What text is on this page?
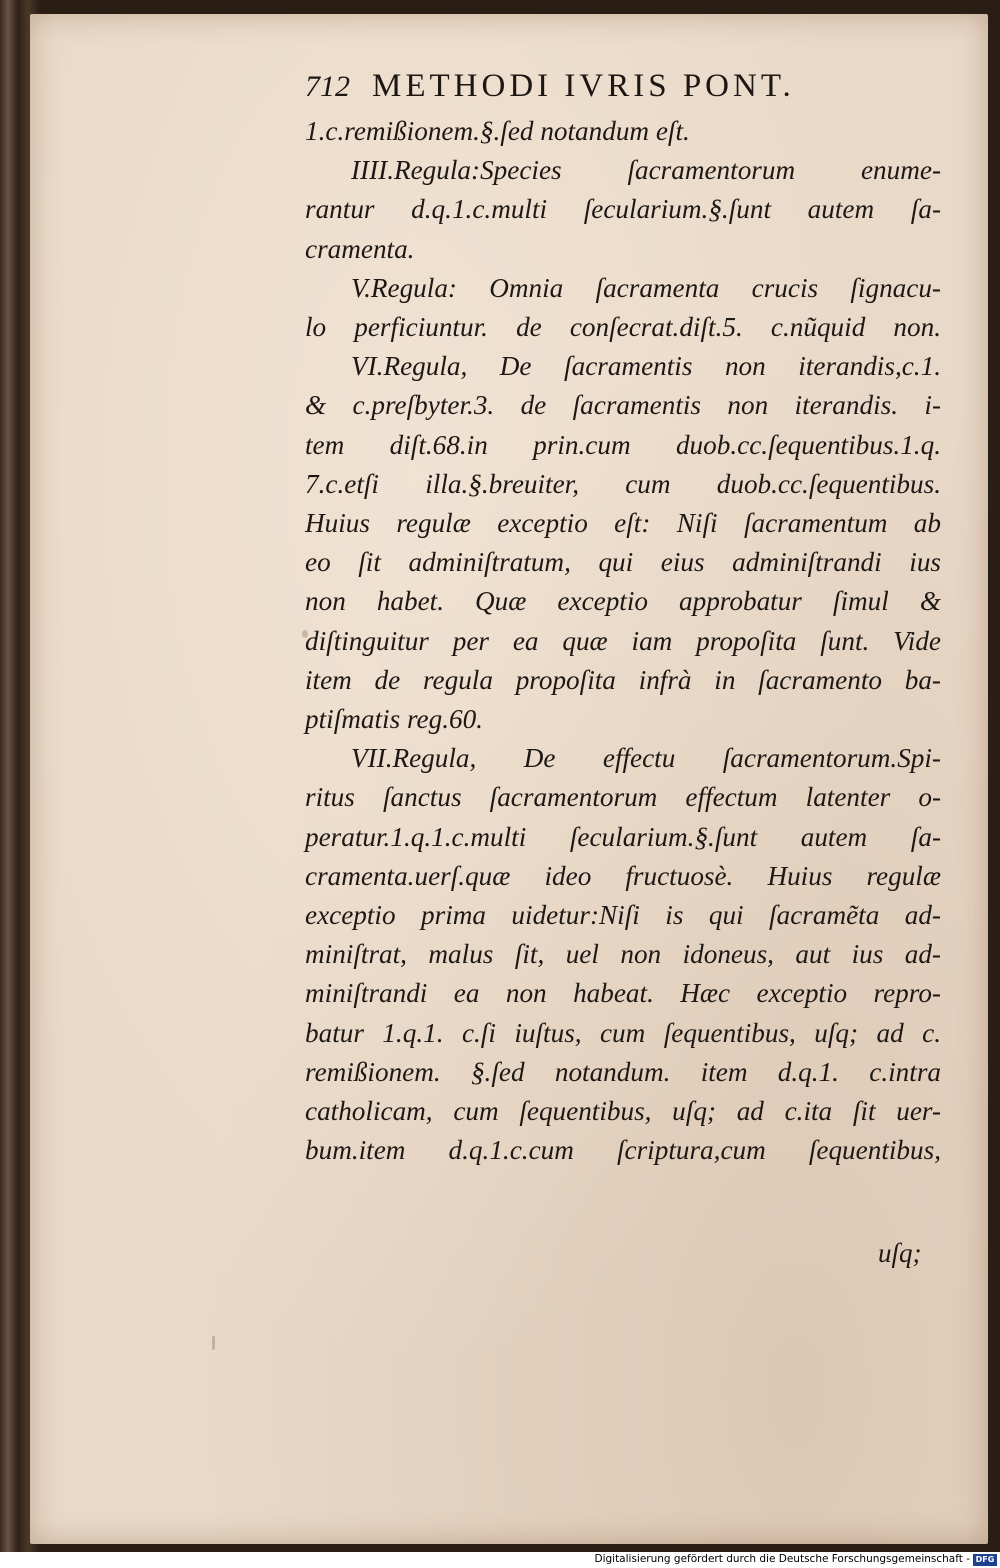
712 METHODI IVRIS PONT.
1.c.remißionem.§.ſed notandum eſt.
IIII.Regula:Species ſacramentorum enume-
rantur d.q.1.c.multi ſecularium.§.ſunt autem ſa-
cramenta.
V.Regula: Omnia ſacramenta crucis ſignacu-
lo perficiuntur. de conſecrat.diſt.5. c.nũquid non.
VI.Regula, De ſacramentis non iterandis,c.1.
& c.preſbyter.3. de ſacramentis non iterandis. i-
tem diſt.68.in prin.cum duob.cc.ſequentibus.1.q.
7.c.etſi illa.§.breuiter, cum duob.cc.ſequentibus.
Huius regulæ exceptio eſt: Niſi ſacramentum ab
eo ſit adminiſtratum, qui eius adminiſtrandi ius
non habet. Quæ exceptio approbatur ſimul &
diſtinguitur per ea quæ iam propoſita ſunt. Vide
item de regula propoſita infrà in ſacramento ba-
ptiſmatis reg.60.
VII.Regula, De effectu ſacramentorum.Spi-
ritus ſanctus ſacramentorum effectum latenter o-
peratur.1.q.1.c.multi ſecularium.§.ſunt autem ſa-
cramenta.uerſ.quæ ideo fructuosè. Huius regulæ
exceptio prima uidetur:Niſi is qui ſacramẽta ad-
miniſtrat, malus ſit, uel non idoneus, aut ius ad-
miniſtrandi ea non habeat. Hæc exceptio repro-
batur 1.q.1. c.ſi iuſtus, cum ſequentibus, uſq; ad c.
remißionem. §.ſed notandum. item d.q.1. c.intra
catholicam, cum ſequentibus, uſq; ad c.ita ſit uer-
bum.item d.q.1.c.cum ſcriptura,cum ſequentibus,
uſq;
Digitalisierung gefördert durch die Deutsche Forschungsgemeinschaft - DFG
